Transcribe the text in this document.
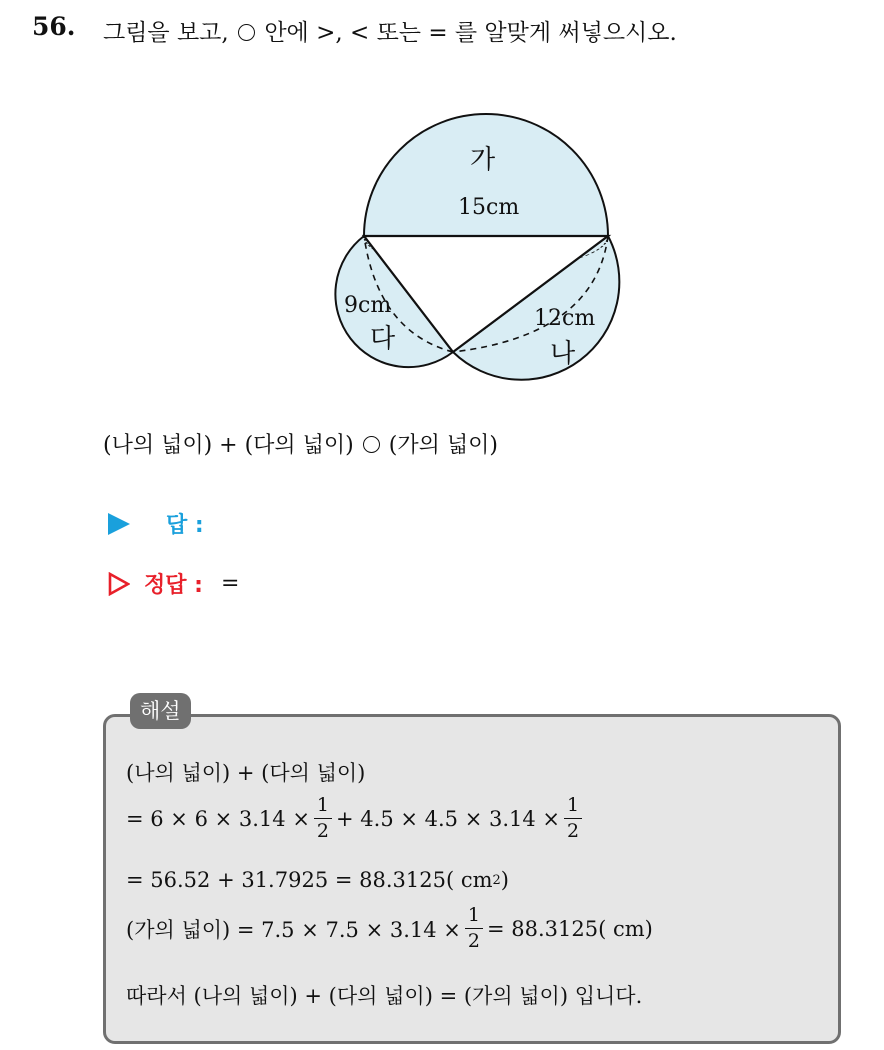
56. 그림을 보고, 안에 >, < 또는 = 를 알맞게 써넣으시오.
가
15cm
9cm
다
12cm
나
(나의 넓이) + (다의 넓이) (가의 넓이)
답 :
정답 : =
해설
(나의 넓이) + (다의 넓이)
= $6 \times 6 \times 3.14 \times \frac{1}{2} + 4.5 \times 4.5 \times 3.14 \times \frac{1}{2}$
= 56.52 + 31.7925 = 88.3125( cm 2 )
(가의 넓이) = $7.5 \times 7.5 \times 3.14 \times \frac{1}{2} = 88.3125$( cm)
따라서 (나의 넓이) + (다의 넓이) = (가의 넓이) 입니다.
